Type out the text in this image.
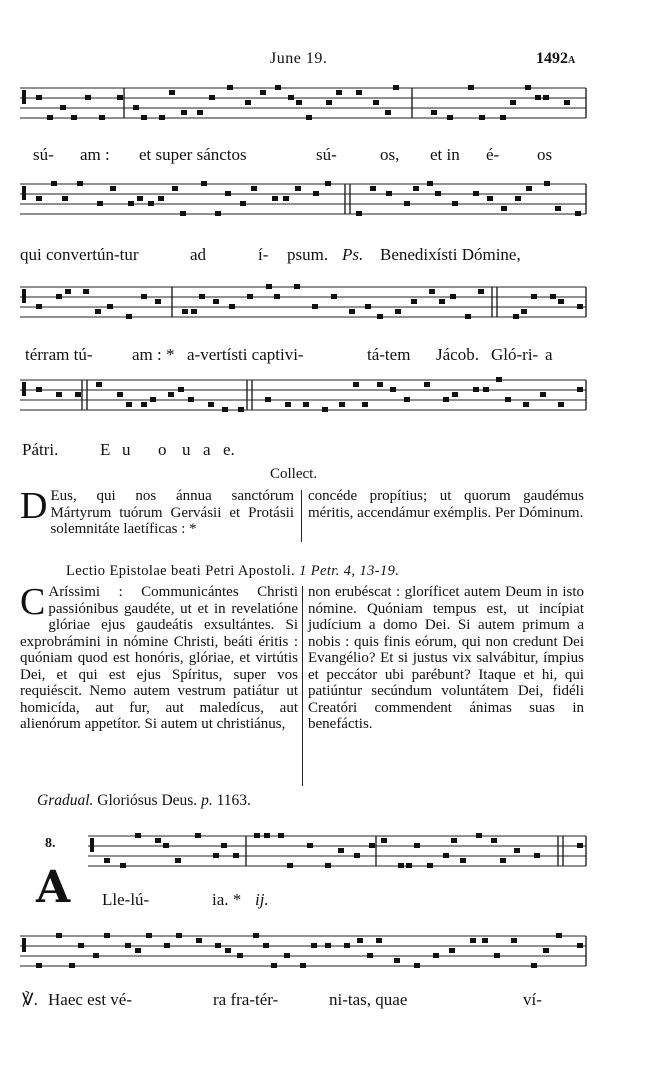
June 19.	1492A
sú- am : et super sánctos	sú-	os, et in é- os
qui convertún-tur	ad	í- psum. Ps. Benedixísti Dómine,
térram tú- am : * a-vertísti captivi-	tá-tem Jácob. Gló-ri- a
Pátri. E u o u a e.
Collect.
D Eus, qui nos ánnua sanctórum Mártyrum tuórum Gervásii et Protásii solemnitáte laetíficas : *

concéde propítius; ut quorum gaudémus méritis, accendámur exémplis. Per Dóminum.

Lectio Epistolae beati Petri Apostoli. 1 Petr. 4, 13-19.
C Aríssimi : Communicántes Christi passiónibus gaudéte, ut et in revelatióne glóriae ejus gaudeátis exsultántes. Si exprobrámini in nómine Christi, beáti éritis : quóniam quod est honóris, glóriae, et virtútis Dei, et qui est ejus Spíritus, super vos requiéscit. Nemo autem vestrum patiátur ut homicída, aut fur, aut maledícus, aut alienórum appetítor. Si autem ut christiánus,

non erubéscat : gloríficet autem Deum in isto nómine. Quóniam tempus est, ut incípiat judícium a domo Dei. Si autem primum a nobis : quis finis eórum, qui non credunt Dei Evangélio? Et si justus vix salvábitur, ímpius et peccátor ubi parébunt? Itaque et hi, qui patiúntur secúndum voluntátem Dei, fidéli Creatóri commendent ánimas suas in benefáctis.

Gradual. Gloriósus Deus. p. 1163.
8.
A Lle-lú-	ia. * ij.
℣. Haec est vé-	ra fra-tér-	ni-tas, quae	ví-
